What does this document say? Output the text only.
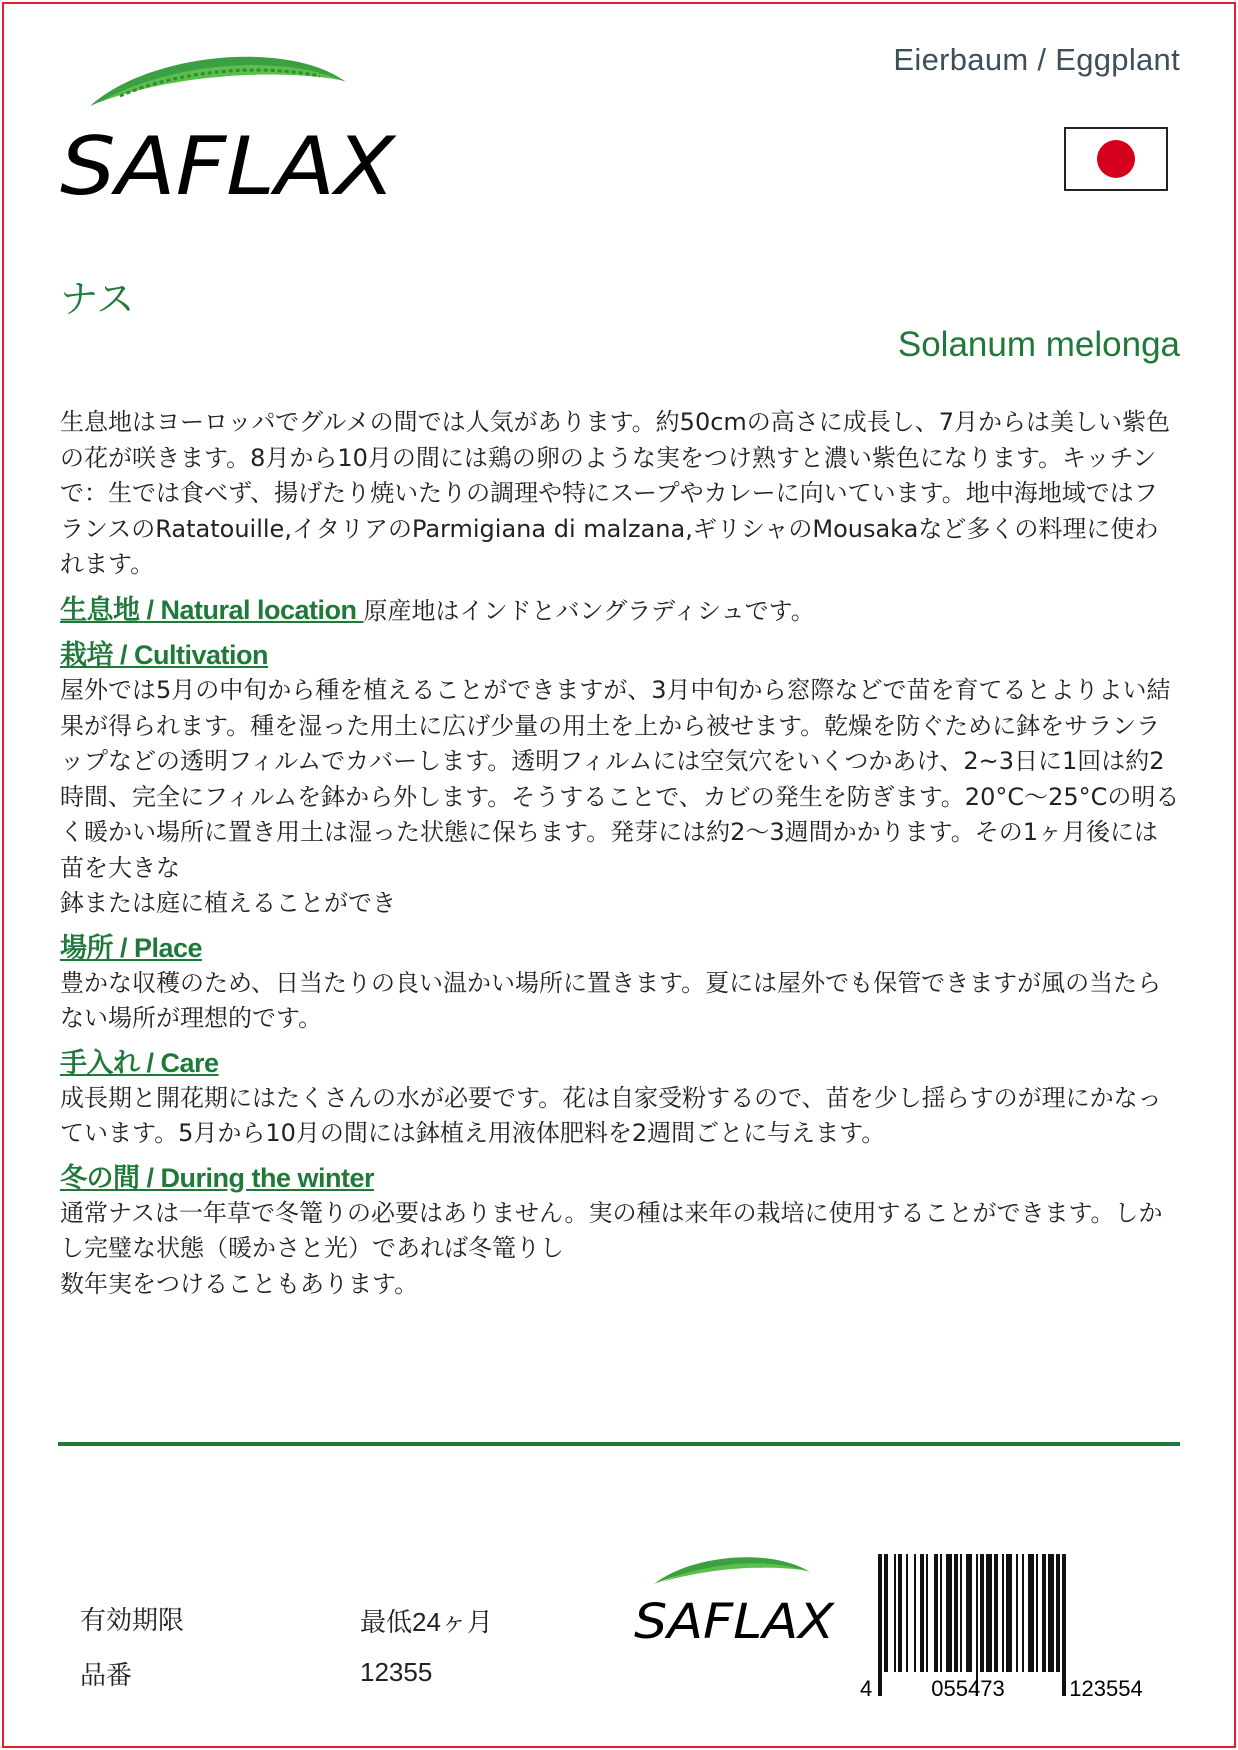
SAFLAX
Eierbaum / Eggplant
ナス
Solanum melonga

生息地はヨーロッパでグルメの間では人気があります。約50cmの高さに成長し、7月からは美しい紫色の花が咲きます。8月から10月の間には鶏の卵のような実をつけ熟すと濃い紫色になります。キッチンで：生では食べず、揚げたり焼いたりの調理や特にスープやカレーに向いています。地中海地域ではフランスのRatatouille,イタリアのParmigiana di malzana,ギリシャのMousakaなど多くの料理に使われます。

生息地 / Natural location 原産地はインドとバングラディシュです。

栽培 / Cultivation

屋外では5月の中旬から種を植えることができますが、3月中旬から窓際などで苗を育てるとよりよい結果が得られます。種を湿った用土に広げ少量の用土を上から被せます。乾燥を防ぐために鉢をサランラップなどの透明フィルムでカバーします。透明フィルムには空気穴をいくつかあけ、2~3日に1回は約2時間、完全にフィルムを鉢から外します。そうすることで、カビの発生を防ぎます。20°C〜25°Cの明るく暖かい場所に置き用土は湿った状態に保ちます。発芽には約2〜3週間かかります。その1ヶ月後には苗を大きな

鉢または庭に植えることができ

場所 / Place

豊かな収穫のため、日当たりの良い温かい場所に置きます。夏には屋外でも保管できますが風の当たらない場所が理想的です。

手入れ / Care

成長期と開花期にはたくさんの水が必要です。花は自家受粉するので、苗を少し揺らすのが理にかなっています。5月から10月の間には鉢植え用液体肥料を2週間ごとに与えます。

冬の間 / During the winter

通常ナスは一年草で冬篭りの必要はありません。実の種は来年の栽培に使用することができます。しかし完璧な状態（暖かさと光）であれば冬篭りし

数年実をつけることもあります。

有効期限	最低24ヶ月
品番	12355
SAFLAX
4	055473	123554
